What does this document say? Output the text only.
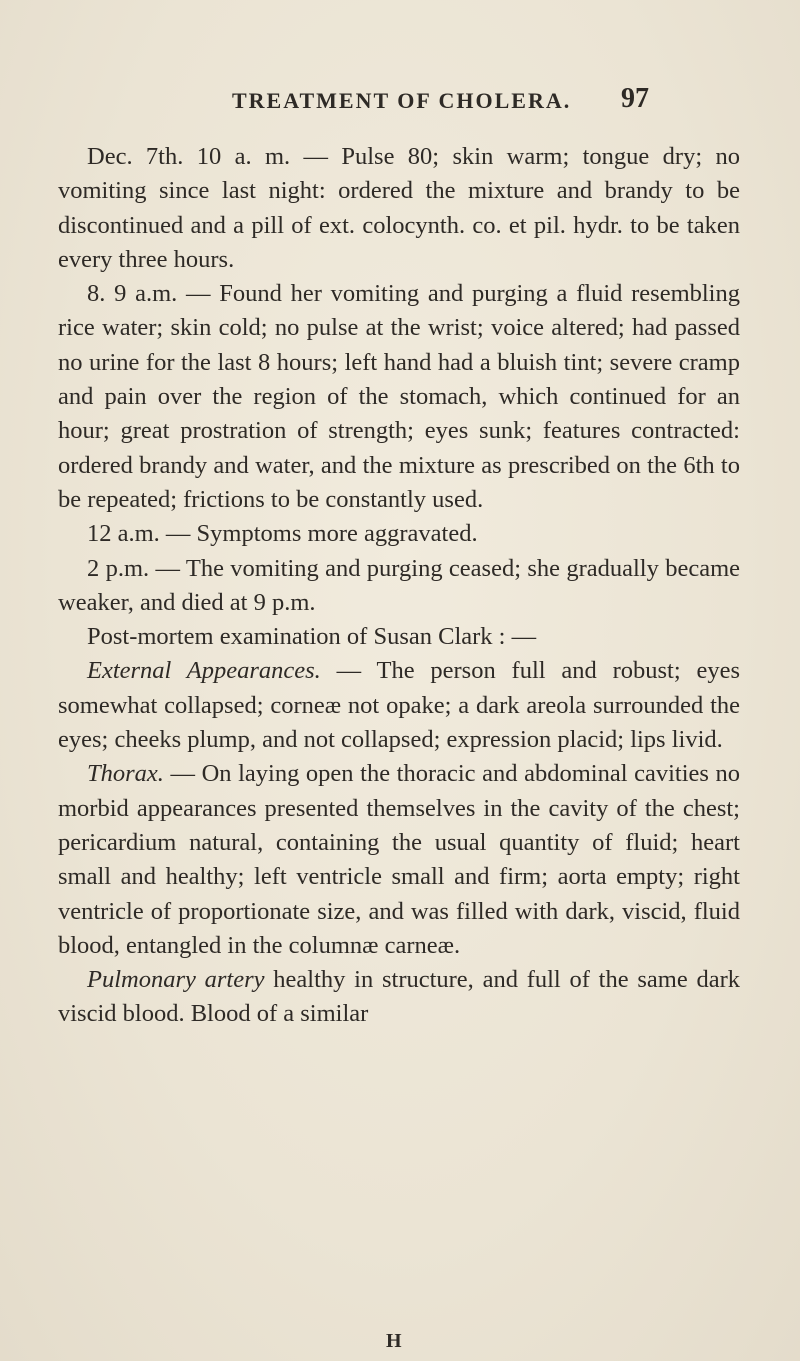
TREATMENT OF CHOLERA. 97

Dec. 7th. 10 a. m. — Pulse 80; skin warm; tongue dry; no vomiting since last night: ordered the mixture and brandy to be discontinued and a pill of ext. colocynth. co. et pil. hydr. to be taken every three hours.

8. 9 a.m. — Found her vomiting and purging a fluid resembling rice water; skin cold; no pulse at the wrist; voice altered; had passed no urine for the last 8 hours; left hand had a bluish tint; severe cramp and pain over the region of the stomach, which continued for an hour; great prostration of strength; eyes sunk; features contracted: ordered brandy and water, and the mixture as prescribed on the 6th to be repeated; frictions to be constantly used.

12 a.m. — Symptoms more aggravated.

2 p.m. — The vomiting and purging ceased; she gradually became weaker, and died at 9 p.m.

Post-mortem examination of Susan Clark : —

External Appearances. — The person full and robust; eyes somewhat collapsed; corneæ not opake; a dark areola surrounded the eyes; cheeks plump, and not collapsed; expression placid; lips livid.

Thorax. — On laying open the thoracic and abdominal cavities no morbid appearances presented themselves in the cavity of the chest; pericardium natural, containing the usual quantity of fluid; heart small and healthy; left ventricle small and firm; aorta empty; right ventricle of proportionate size, and was filled with dark, viscid, fluid blood, entangled in the columnæ carneæ.

Pulmonary artery healthy in structure, and full of the same dark viscid blood. Blood of a similar

H
